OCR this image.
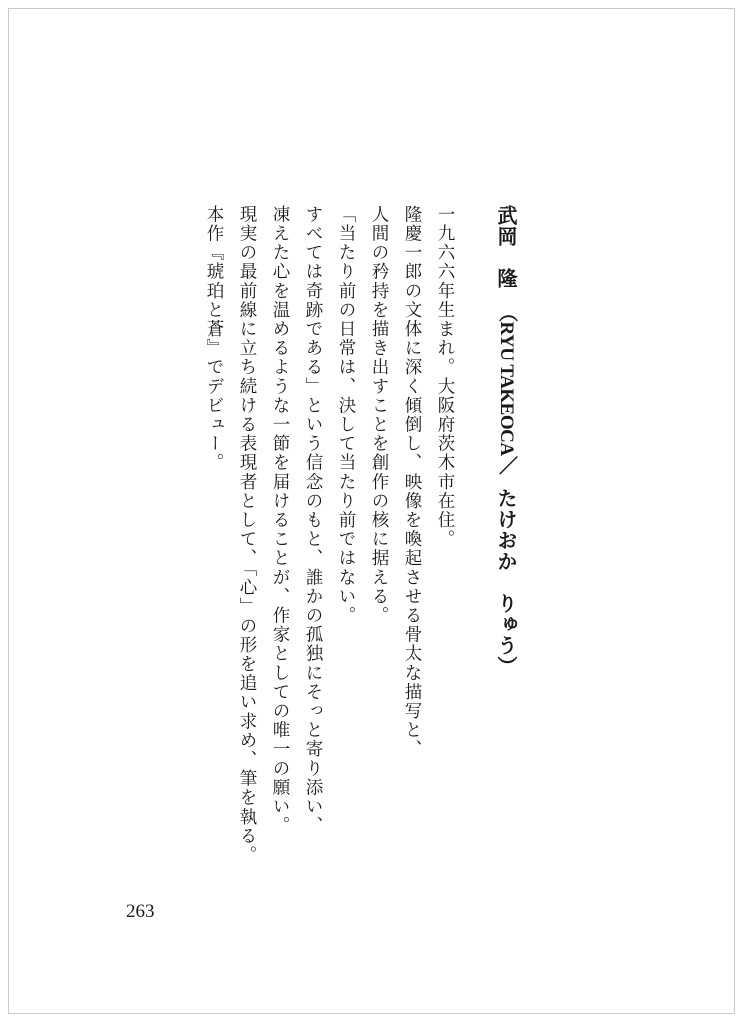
武岡　隆（RYU TAKEOCA／たけおか　りゅう）
一九六六年生まれ。大阪府茨木市在住。
隆慶一郎の文体に深く傾倒し、映像を喚起させる骨太な描写と、
人間の矜持を描き出すことを創作の核に据える。
「当たり前の日常は、決して当たり前ではない。
すべては奇跡である」という信念のもと、誰かの孤独にそっと寄り添い、
凍えた心を温めるような一節を届けることが、作家としての唯一の願い。
現実の最前線に立ち続ける表現者として、「心」の形を追い求め、筆を執る。
本作『琥珀と蒼』でデビュー。
263
